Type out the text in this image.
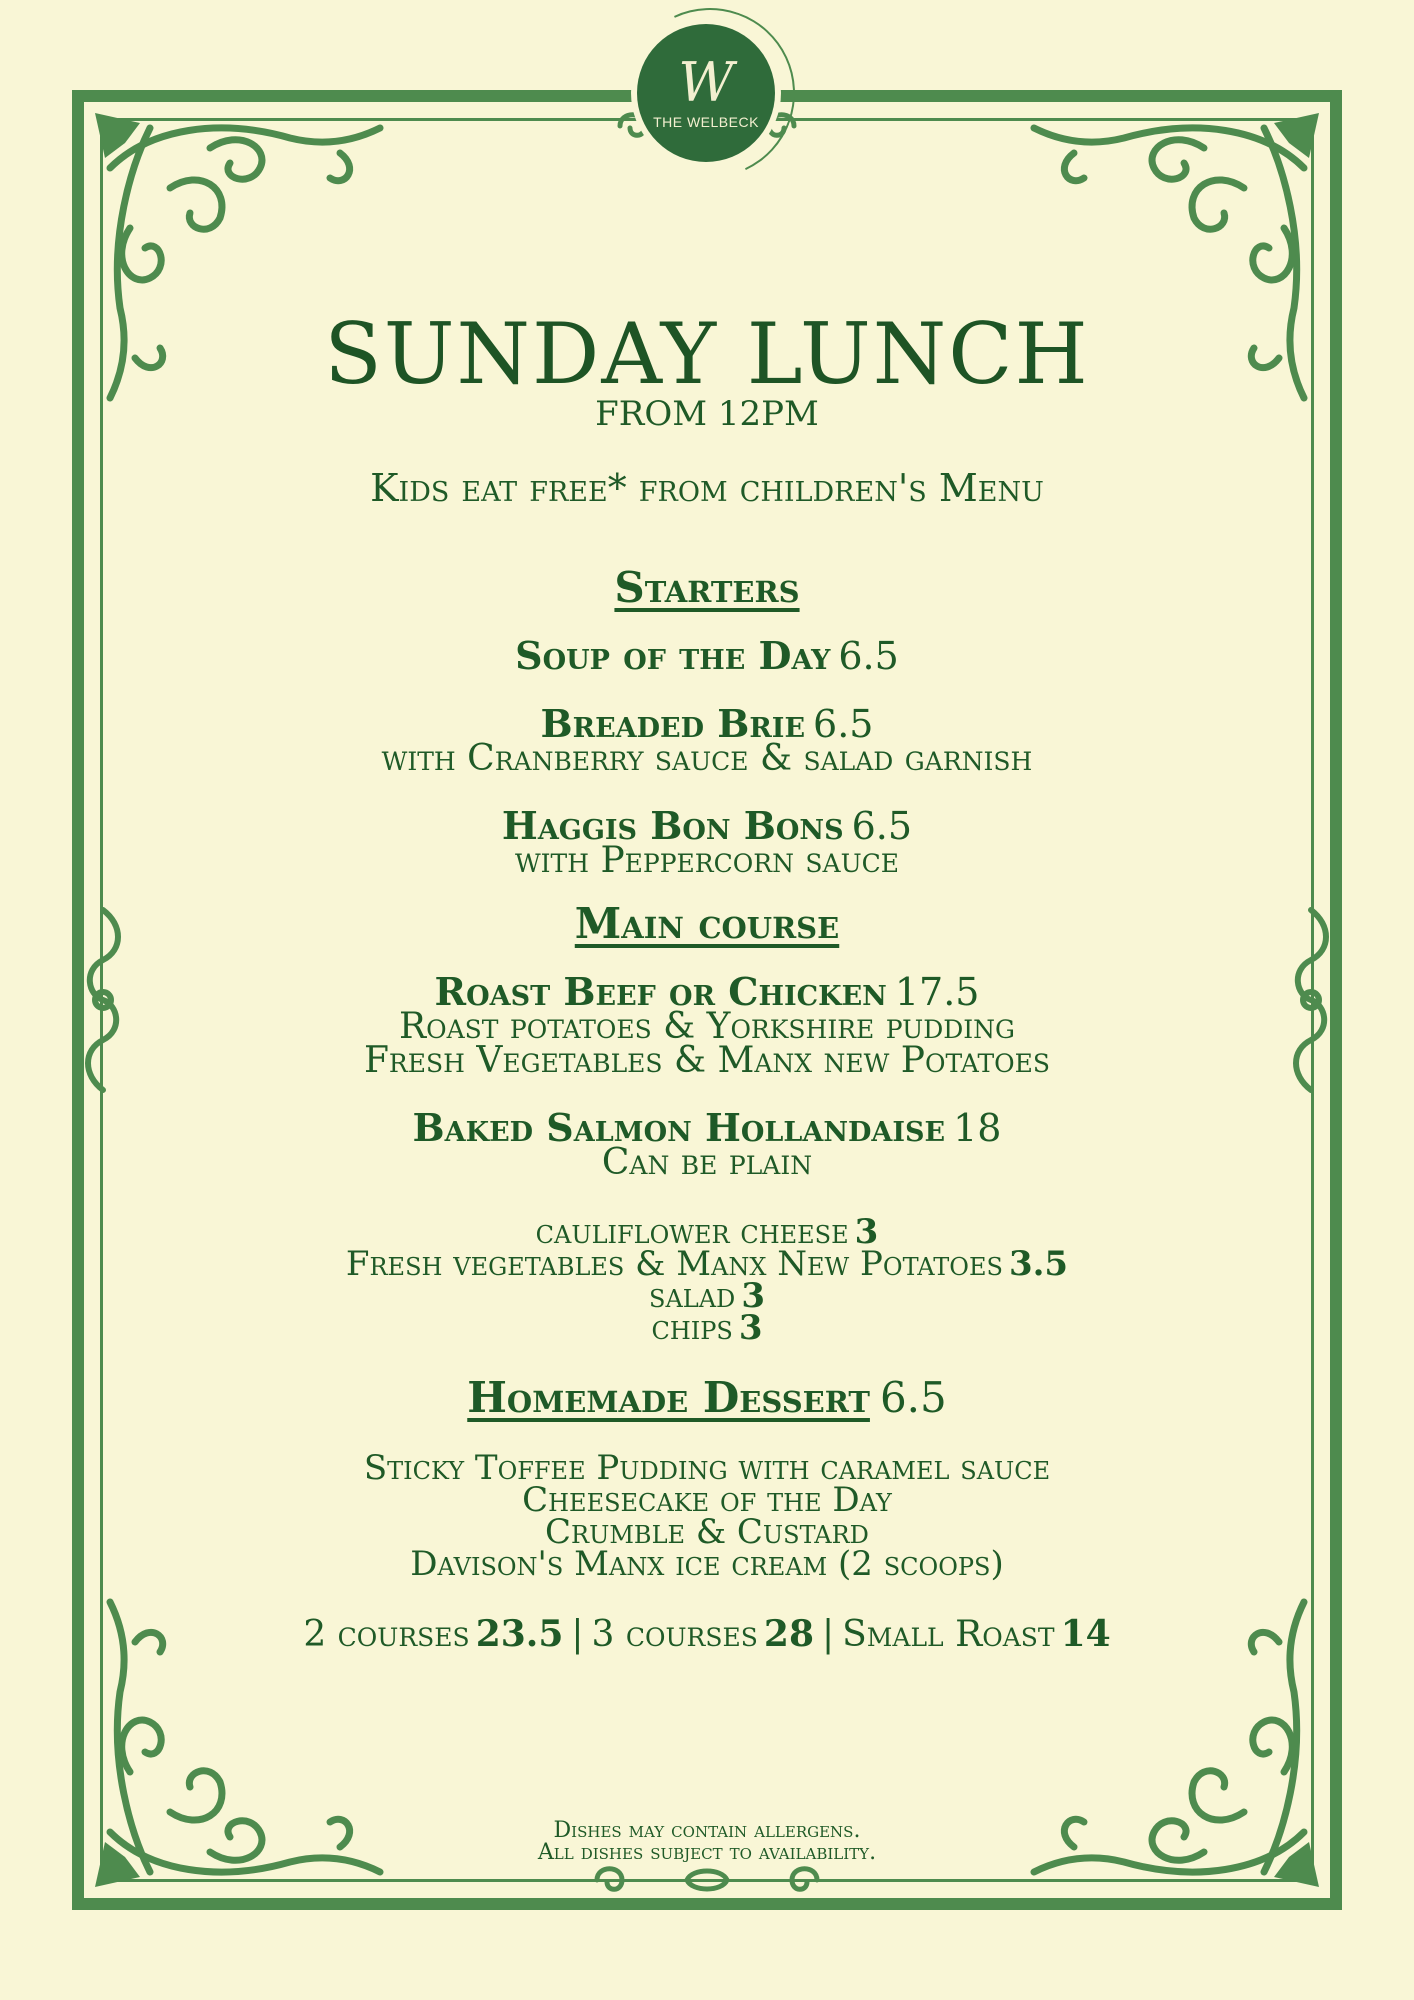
W
THE WELBECK
SUNDAY LUNCH
FROM 12PM
Kids eat free* from children's Menu
Starters
Soup of the Day 6.5
Breaded Brie 6.5
with Cranberry sauce & salad garnish
Haggis Bon Bons 6.5
with Peppercorn sauce
Main course
Roast Beef or Chicken 17.5
Roast potatoes & Yorkshire pudding
Fresh Vegetables & Manx new Potatoes
Baked Salmon Hollandaise 18
Can be plain
cauliflower cheese 3
Fresh vegetables & Manx New Potatoes 3.5
salad 3
chips 3
Homemade Dessert 6.5
Sticky Toffee Pudding with caramel sauce
Cheesecake of the Day
Crumble & Custard
Davison's Manx ice cream (2 scoops)
2 courses 23.5 | 3 courses 28 | Small Roast 14
Dishes may contain allergens.
All dishes subject to availability.
